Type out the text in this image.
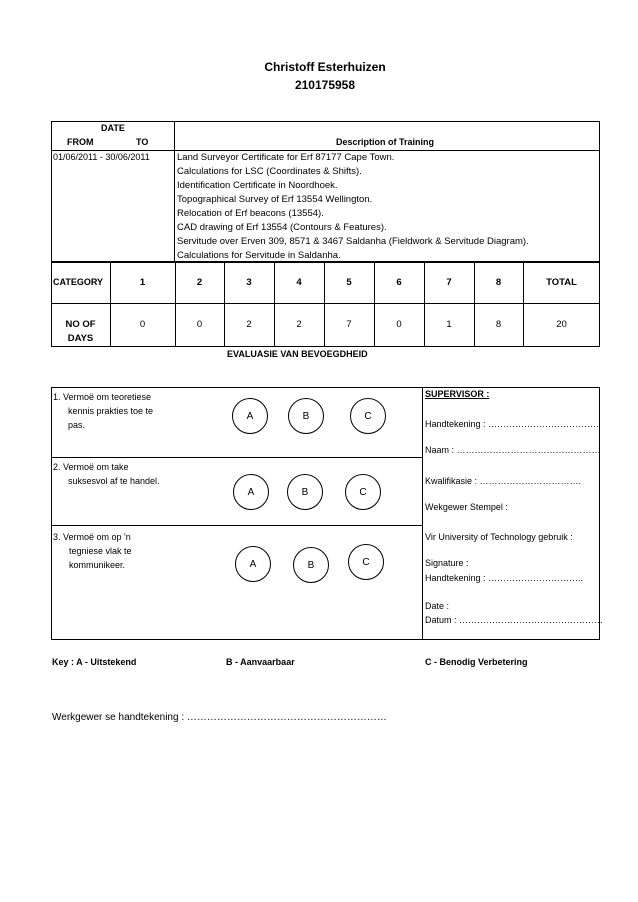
Christoff Esterhuizen
210175958
DATE
FROM	TO	Description of Training
01/06/2011 - 30/06/2011	Land Surveyor Certificate for Erf 87177 Cape Town.
Calculations for LSC (Coordinates & Shifts).
Identification Certificate in Noordhoek.
Topographical Survey of Erf 13554 Wellington.
Relocation of Erf beacons (13554).
CAD drawing of Erf 13554 (Contours & Features).
Servitude over Erven 309, 8571 & 3467 Saldanha (Fieldwork & Servitude Diagram).
Calculations for Servitude in Saldanha.
CATEGORY	1	2	3	4	5	6	7	8	TOTAL
NO OF
DAYS
0	0	2	2	7	0	1	8	20
EVALUASIE VAN BEVOEGDHEID
1. Vermoë om teoretiese
kennis prakties toe te
pas.
A	B	C
2. Vermoë om take
suksesvol af te handel.
A	B	C
3. Vermoë om op 'n
tegniese vlak te
kommunikeer.	A	B	C
SUPERVISOR :
Handtekening : ……………………………….
Naam : …………………………………………
Kwalifikasie : …………………………….
Wekgewer Stempel :
Vir University of Technology gebruik :
Signature :
Handtekening : …………………………..
Date :
Datum : …………………………………………
Key : A - Uitstekend	B - Aanvaarbaar	C - Benodig Verbetering
Werkgewer se handtekening : ……………………………………………………
